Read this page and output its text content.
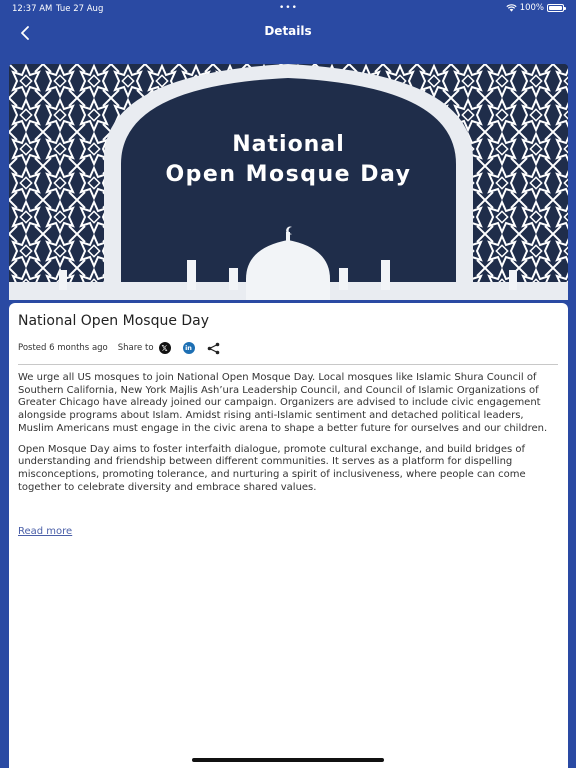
12:37 AM Tue 27 Aug	•••	100%
Details
National
Open Mosque Day
National Open Mosque Day
Posted 6 months ago Share to 𝕏	in

We urge all US mosques to join National Open Mosque Day. Local mosques like Islamic Shura Council of Southern California, New York Majlis Ash’ura Leadership Council, and Council of Islamic Organizations of Greater Chicago have already joined our campaign. Organizers are advised to include civic engagement alongside programs about Islam. Amidst rising anti-Islamic sentiment and detached political leaders, Muslim Americans must engage in the civic arena to shape a better future for ourselves and our children.

Open Mosque Day aims to foster interfaith dialogue, promote cultural exchange, and build bridges of understanding and friendship between different communities. It serves as a platform for dispelling misconceptions, promoting tolerance, and nurturing a spirit of inclusiveness, where people can come together to celebrate diversity and embrace shared values.

Read more
